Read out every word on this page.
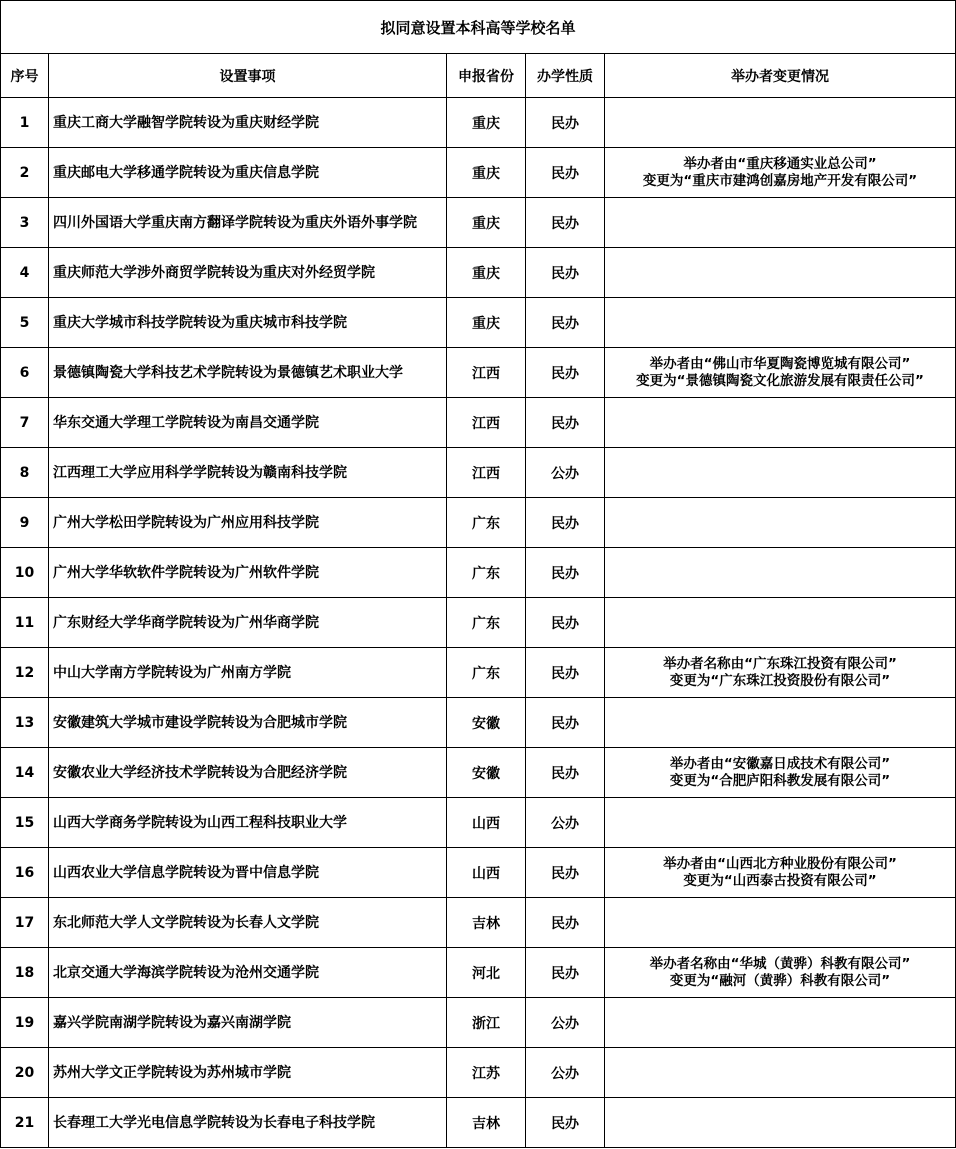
拟同意设置本科高等学校名单				
序号	设置事项	申报省份	办学性质	举办者变更情况
1	重庆工商大学融智学院转设为重庆财经学院	重庆	民办	

2	重庆邮电大学移通学院转设为重庆信息学院	重庆	民办	举办者由“重庆移通实业总公司”
变更为“重庆市建鸿创嘉房地产开发有限公司”

3	四川外国语大学重庆南方翻译学院转设为重庆外语外事学院	重庆	民办	

4	重庆师范大学涉外商贸学院转设为重庆对外经贸学院	重庆	民办	

5	重庆大学城市科技学院转设为重庆城市科技学院	重庆	民办	

6	景德镇陶瓷大学科技艺术学院转设为景德镇艺术职业大学	江西	民办	举办者由“佛山市华夏陶瓷博览城有限公司”
变更为“景德镇陶瓷文化旅游发展有限责任公司”

7	华东交通大学理工学院转设为南昌交通学院	江西	民办	

8	江西理工大学应用科学学院转设为赣南科技学院	江西	公办	

9	广州大学松田学院转设为广州应用科技学院	广东	民办	

10	广州大学华软软件学院转设为广州软件学院	广东	民办	

11	广东财经大学华商学院转设为广州华商学院	广东	民办	

12	中山大学南方学院转设为广州南方学院	广东	民办	举办者名称由“广东珠江投资有限公司”
变更为“广东珠江投资股份有限公司”

13	安徽建筑大学城市建设学院转设为合肥城市学院	安徽	民办	

14	安徽农业大学经济技术学院转设为合肥经济学院	安徽	民办	举办者由“安徽嘉日成技术有限公司”
变更为“合肥庐阳科教发展有限公司”

15	山西大学商务学院转设为山西工程科技职业大学	山西	公办	

16	山西农业大学信息学院转设为晋中信息学院	山西	民办	举办者由“山西北方种业股份有限公司”
变更为“山西泰古投资有限公司”

17	东北师范大学人文学院转设为长春人文学院	吉林	民办	

18	北京交通大学海滨学院转设为沧州交通学院	河北	民办	举办者名称由“华城（黄骅）科教有限公司”
变更为“融河（黄骅）科教有限公司”

19	嘉兴学院南湖学院转设为嘉兴南湖学院	浙江	公办	

20	苏州大学文正学院转设为苏州城市学院	江苏	公办	

21	长春理工大学光电信息学院转设为长春电子科技学院	吉林	民办	
